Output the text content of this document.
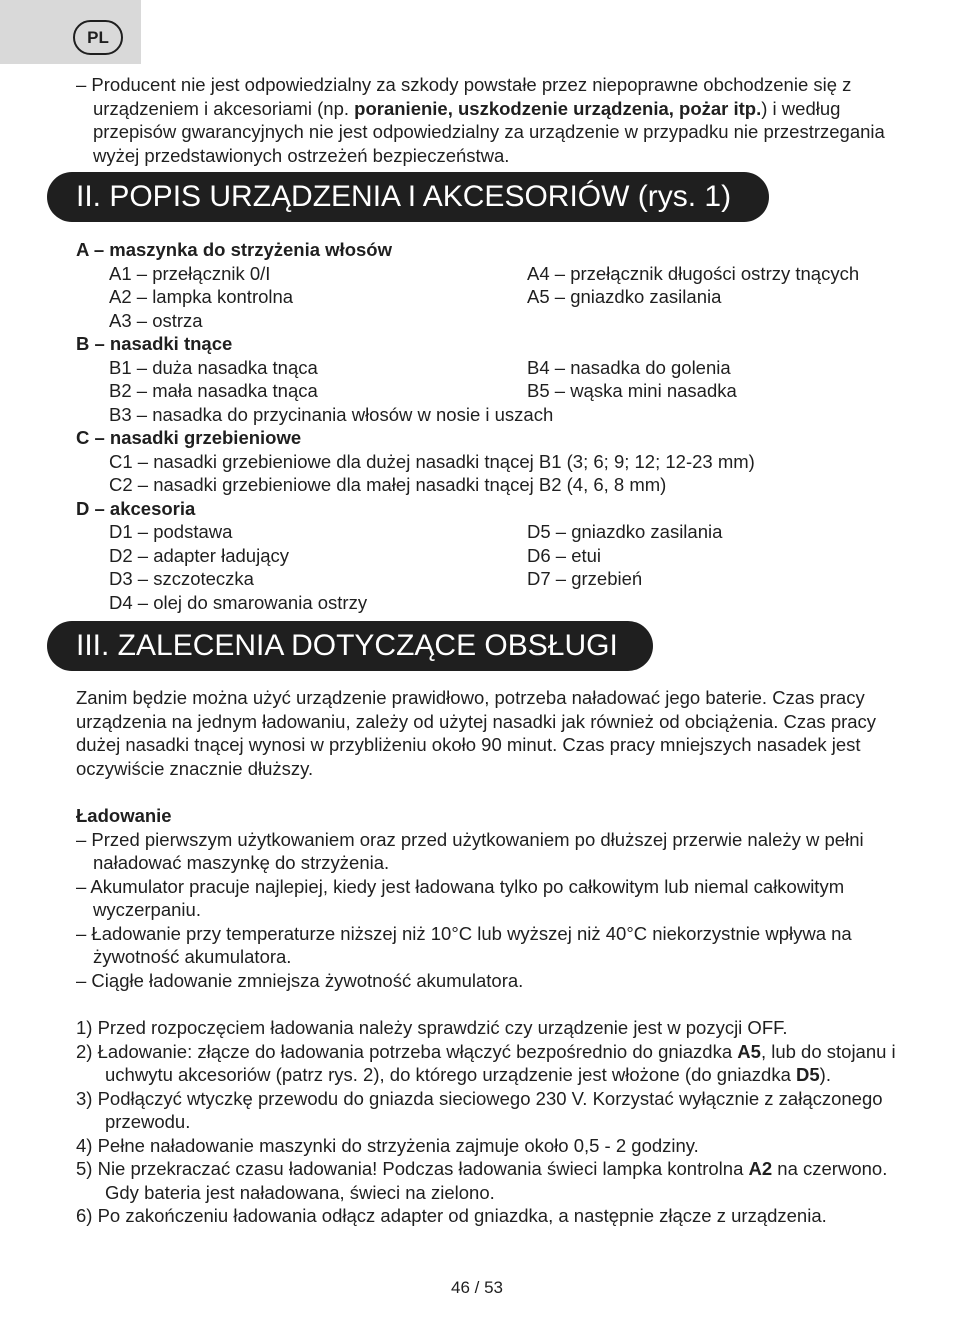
PL
– Producent nie jest odpowiedzialny za szkody powstałe przez niepoprawne obchodzenie się z urządzeniem i akcesoriami (np. poranienie, uszkodzenie urządzenia, pożar itp.) i według przepisów gwarancyjnych nie jest odpowiedzialny za urządzenie w przypadku nie przestrzegania wyżej przedstawionych ostrzeżeń bezpieczeństwa.
II. POPIS URZĄDZENIA I AKCESORIÓW (rys. 1)
A – maszynka do strzyżenia włosów
A1 – przełącznik 0/I	A4 – przełącznik długości ostrzy tnących
A2 – lampka kontrolna	A5 – gniazdko zasilania
A3 – ostrza
B – nasadki tnące
B1 – duża nasadka tnąca	B4 – nasadka do golenia
B2 – mała nasadka tnąca	B5 – wąska mini nasadka
B3 – nasadka do przycinania włosów w nosie i uszach
C – nasadki grzebieniowe
C1 – nasadki grzebieniowe dla dużej nasadki tnącej B1 (3; 6; 9; 12; 12-23 mm)
C2 – nasadki grzebieniowe dla małej nasadki tnącej B2 (4, 6, 8 mm)
D – akcesoria
D1 – podstawa	D5 – gniazdko zasilania
D2 – adapter ładujący	D6 – etui
D3 – szczoteczka	D7 – grzebień
D4 – olej do smarowania ostrzy
III. ZALECENIA DOTYCZĄCE OBSŁUGI
Zanim będzie można użyć urządzenie prawidłowo, potrzeba naładować jego baterie. Czas pracy urządzenia na jednym ładowaniu, zależy od użytej nasadki jak również od obciążenia. Czas pracy dużej nasadki tnącej wynosi w przybliżeniu około 90 minut. Czas pracy mniejszych nasadek jest oczywiście znacznie dłuższy.
Ładowanie
– Przed pierwszym użytkowaniem oraz przed użytkowaniem po dłuższej przerwie należy w pełni naładować maszynkę do strzyżenia.
– Akumulator pracuje najlepiej, kiedy jest ładowana tylko po całkowitym lub niemal całkowitym wyczerpaniu.
– Ładowanie przy temperaturze niższej niż 10°C lub wyższej niż 40°C niekorzystnie wpływa na żywotność akumulatora.
– Ciągłe ładowanie zmniejsza żywotność akumulatora.
1) Przed rozpoczęciem ładowania należy sprawdzić czy urządzenie jest w pozycji OFF.
2) Ładowanie: złącze do ładowania potrzeba włączyć bezpośrednio do gniazdka A5, lub do stojanu i uchwytu akcesoriów (patrz rys. 2), do którego urządzenie jest włożone (do gniazdka D5).
3) Podłączyć wtyczkę przewodu do gniazda sieciowego 230 V. Korzystać wyłącznie z załączonego przewodu.
4) Pełne naładowanie maszynki do strzyżenia zajmuje około 0,5 - 2 godziny.
5) Nie przekraczać czasu ładowania! Podczas ładowania świeci lampka kontrolna A2 na czerwono. Gdy bateria jest naładowana, świeci na zielono.
6) Po zakończeniu ładowania odłącz adapter od gniazdka, a następnie złącze z urządzenia.
46 / 53
